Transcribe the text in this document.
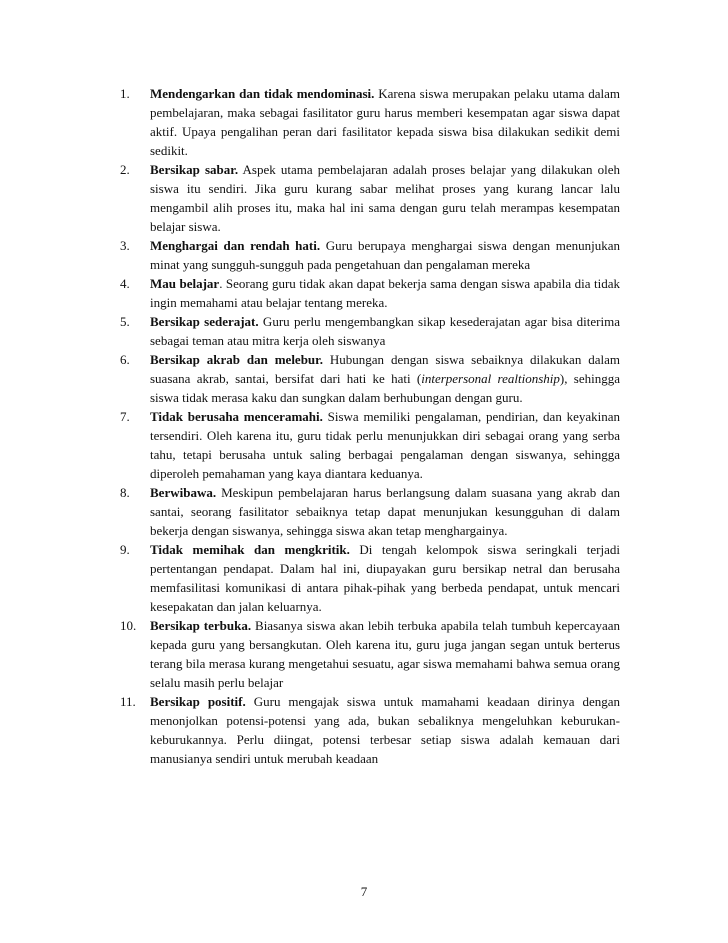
1.	Mendengarkan dan tidak mendominasi. Karena siswa merupakan pelaku utama dalam pembelajaran, maka sebagai fasilitator guru harus memberi kesempatan agar siswa dapat aktif. Upaya pengalihan peran dari fasilitator kepada siswa bisa dilakukan sedikit demi sedikit.
2.	Bersikap sabar. Aspek utama pembelajaran adalah proses belajar yang dilakukan oleh siswa itu sendiri. Jika guru kurang sabar melihat proses yang kurang lancar lalu mengambil alih proses itu, maka hal ini sama dengan guru telah merampas kesempatan belajar siswa.
3.	Menghargai dan rendah hati. Guru berupaya menghargai siswa dengan menunjukan minat yang sungguh-sungguh pada pengetahuan dan pengalaman mereka
4.	Mau belajar. Seorang guru tidak akan dapat bekerja sama dengan siswa apabila dia tidak ingin memahami atau belajar tentang mereka.
5.	Bersikap sederajat. Guru perlu mengembangkan sikap kesederajatan agar bisa diterima sebagai teman atau mitra kerja oleh siswanya
6.	Bersikap akrab dan melebur. Hubungan dengan siswa sebaiknya dilakukan dalam suasana akrab, santai, bersifat dari hati ke hati (interpersonal realtionship), sehingga siswa tidak merasa kaku dan sungkan dalam berhubungan dengan guru.
7.	Tidak berusaha menceramahi. Siswa memiliki pengalaman, pendirian, dan keyakinan tersendiri. Oleh karena itu, guru tidak perlu menunjukkan diri sebagai orang yang serba tahu, tetapi berusaha untuk saling berbagai pengalaman dengan siswanya, sehingga diperoleh pemahaman yang kaya diantara keduanya.
8.	Berwibawa. Meskipun pembelajaran harus berlangsung dalam suasana yang akrab dan santai, seorang fasilitator sebaiknya tetap dapat menunjukan kesungguhan di dalam bekerja dengan siswanya, sehingga siswa akan tetap menghargainya.
9.	Tidak memihak dan mengkritik. Di tengah kelompok siswa seringkali terjadi pertentangan pendapat. Dalam hal ini, diupayakan guru bersikap netral dan berusaha memfasilitasi komunikasi di antara pihak-pihak yang berbeda pendapat, untuk mencari kesepakatan dan jalan keluarnya.
10.	Bersikap terbuka. Biasanya siswa akan lebih terbuka apabila telah tumbuh kepercayaan kepada guru yang bersangkutan. Oleh karena itu, guru juga jangan segan untuk berterus terang bila merasa kurang mengetahui sesuatu, agar siswa memahami bahwa semua orang selalu masih perlu belajar
11.	Bersikap positif. Guru mengajak siswa untuk mamahami keadaan dirinya dengan menonjolkan potensi-potensi yang ada, bukan sebaliknya mengeluhkan keburukan-keburukannya. Perlu diingat, potensi terbesar setiap siswa adalah kemauan dari manusianya sendiri untuk merubah keadaan
7
